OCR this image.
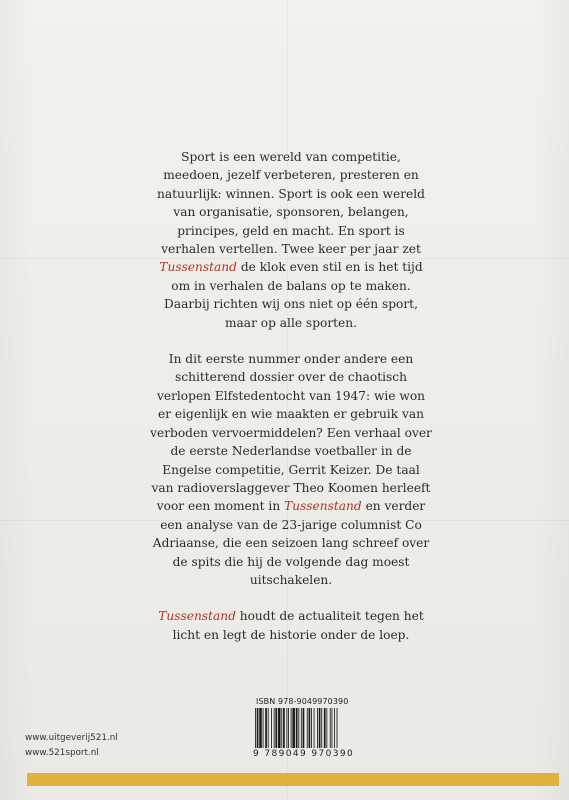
Sport is een wereld van competitie, meedoen, jezelf verbeteren, presteren en natuurlijk: winnen. Sport is ook een wereld van organisatie, sponsoren, belangen, principes, geld en macht. En sport is verhalen vertellen. Twee keer per jaar zet Tussenstand de klok even stil en is het tijd om in verhalen de balans op te maken. Daarbij richten wij ons niet op één sport, maar op alle sporten.

In dit eerste nummer onder andere een schitterend dossier over de chaotisch verlopen Elfstedentocht van 1947: wie won er eigenlijk en wie maakten er gebruik van verboden vervoermiddelen? Een verhaal over de eerste Nederlandse voetballer in de Engelse competitie, Gerrit Keizer. De taal van radioverslaggever Theo Koomen herleeft voor een moment in Tussenstand en verder een analyse van de 23-jarige columnist Co Adriaanse, die een seizoen lang schreef over de spits die hij de volgende dag moest uitschakelen.

Tussenstand houdt de actualiteit tegen het licht en legt de historie onder de loep.

ISBN 978-9049970390
9 789049 970390
www.uitgeverij521.nl
www.521sport.nl
